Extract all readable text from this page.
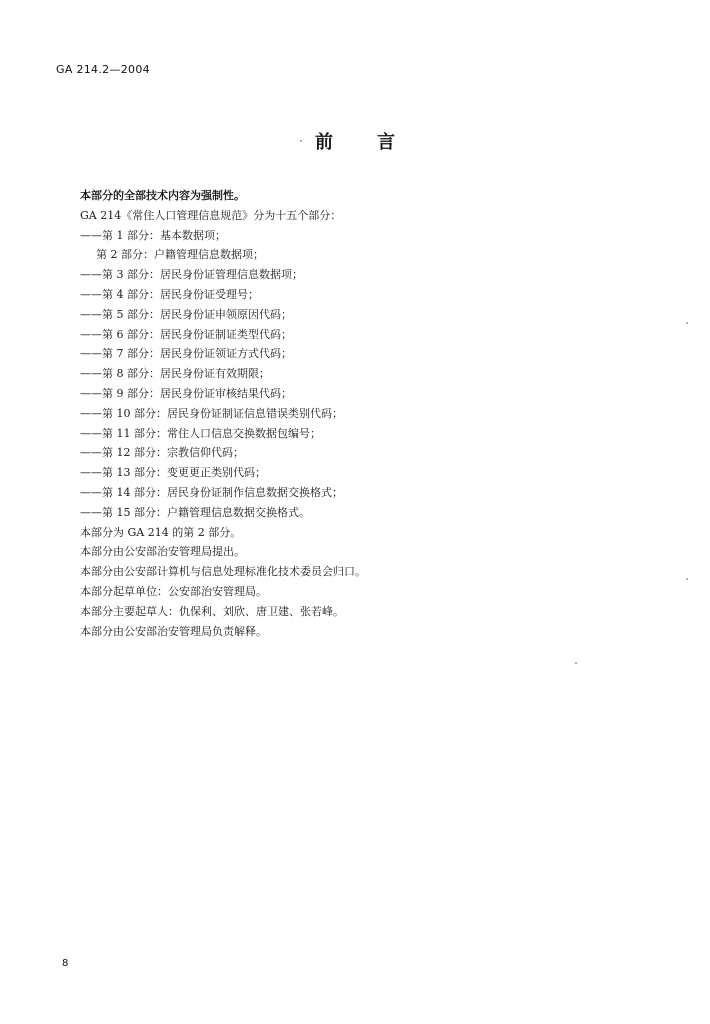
GA 214.2—2004
前言
本部分的全部技术内容为强制性。
GA 214《常住人口管理信息规范》分为十五个部分：
——第 1 部分：基本数据项；
第 2 部分：户籍管理信息数据项；
——第 3 部分：居民身份证管理信息数据项；
——第 4 部分：居民身份证受理号；
——第 5 部分：居民身份证申领原因代码；
——第 6 部分：居民身份证制证类型代码；
——第 7 部分：居民身份证领证方式代码；
——第 8 部分：居民身份证有效期限；
——第 9 部分：居民身份证审核结果代码；
——第 10 部分：居民身份证制证信息错误类别代码；
——第 11 部分：常住人口信息交换数据包编号；
——第 12 部分：宗教信仰代码；
——第 13 部分：变更更正类别代码；
——第 14 部分：居民身份证制作信息数据交换格式；
——第 15 部分：户籍管理信息数据交换格式。
本部分为 GA 214 的第 2 部分。
本部分由公安部治安管理局提出。
本部分由公安部计算机与信息处理标准化技术委员会归口。
本部分起草单位：公安部治安管理局。
本部分主要起草人：仇保利、刘欣、唐卫建、张若峰。
本部分由公安部治安管理局负责解释。
8
